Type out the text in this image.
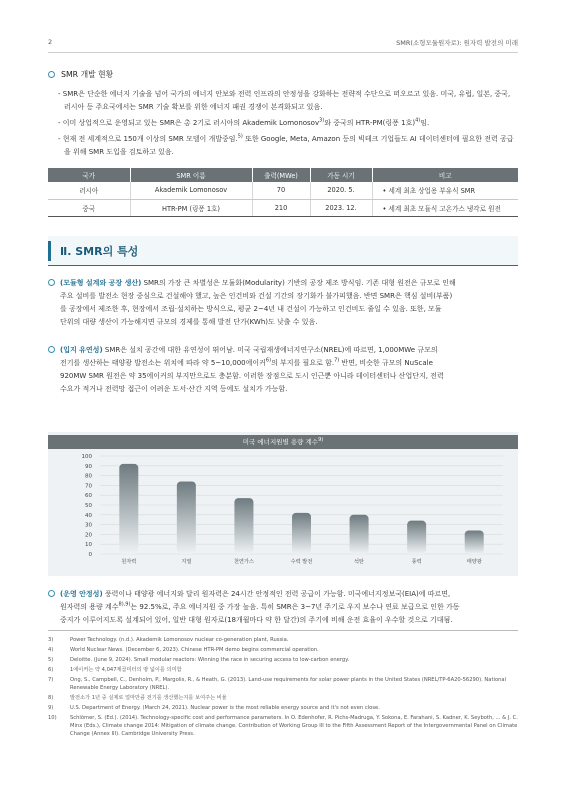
2	SMR(소형모듈원자로): 원자력 발전의 미래
SMR 개발 현황
- SMR은 단순한 에너지 기술을 넘어 국가의 에너지 안보와 전력 인프라의 안정성을 강화하는 전략적 수단으로 떠오르고 있음. 미국, 유럽, 일본, 중국, 러시아 등 주요국에서는 SMR 기술 확보를 위한 에너지 패권 경쟁이 본격화되고 있음.
- 이미 상업적으로 운영되고 있는 SMR은 총 2기로 러시아의 Akademik Lomonosov$^{3)}$와 중국의 HTR-PM(링퐁 1호)$^{4)}$임.
- 현재 전 세계적으로 150개 이상의 SMR 모델이 개발중임.$^{5)}$ 또한 Google, Meta, Amazon 등의 빅테크 기업들도 AI 데이터센터에 필요한 전력 공급을 위해 SMR 도입을 검토하고 있음.
국가	SMR 이름	출력(MWe)	가동 시기	비고
러시아	Akademik Lomonosov	70	2020. 5.	• 세계 최초 상업용 부유식 SMR
중국	HTR-PM (링퐁 1호)	210	2023. 12.	• 세계 최초 모듈식 고온가스 냉각로 원전
Ⅱ. SMR의 특성
(모듈형 설계와 공장 생산) SMR의 가장 큰 차별성은 모듈화(Modularity) 기반의 공장 제조 방식임. 기존 대형 원전은 규모로 인해
주요 설비를 발전소 현장 중심으로 건설해야 했고, 높은 인건비와 건설 기간의 장기화가 불가피했음. 반면 SMR은 핵심 설비(부품)
를 공장에서 제조한 후, 현장에서 조립·설치하는 방식으로, 평균 2~4년 내 건설이 가능하고 인건비도 줄일 수 있음. 또한, 모듈
단위의 대량 생산이 가능해지면 규모의 경제를 통해 발전 단가(KWh)도 낮출 수 있음.
(입지 유연성) SMR은 설치 공간에 대한 유연성이 뛰어남. 미국 국립재생에너지연구소(NREL)에 따르면, 1,000MWe 규모의
전기를 생산하는 태양광 발전소는 위치에 따라 약 5~10,000에이커$^{6)}$의 부지를 필요로 함.$^{7)}$ 반면, 비슷한 규모의 NuScale
920MW SMR 원전은 약 35에이커의 부지만으로도 충분함. 이러한 장점으로 도시 인근뿐 아니라 데이터센터나 산업단지, 전력
수요가 적거나 전력망 접근이 어려운 도서·산간 지역 등에도 설치가 가능함.
미국 에너지원별 용량 계수$^{9)}$
0
10
20
30
40
50
60
70
80
90
100
원자력	지열	천연가스	수력 발전	석탄	풍력	태양광
(운영 안정성) 풍력이나 태양광 에너지와 달리 원자력은 24시간 안정적인 전력 공급이 가능함. 미국에너지정보국(EIA)에 따르면,
원자력의 용량 계수$^{8),9)}$는 92.5%로, 주요 에너지원 중 가장 높음. 특히 SMR은 3~7년 주기로 우지 보수나 연료 보급으로 인한 가동
중지가 이루어지도록 설계되어 있어, 일반 대형 원자로(18개월마다 약 한 달간)의 주기에 비해 운전 효율이 우수할 것으로 기대됨.
3)	Power Technology. (n.d.). Akademik Lomonosov nuclear co-generation plant, Russia.
4)	World Nuclear News. (December 6, 2023). Chinese HTR-PM demo begins commercial operation.
5)	Deloitte. (June 9, 2024). Small modular reactors: Winning the race in securing access to low-carbon energy.
6)	1에이커는 약 4,047제곱미터의 땅 넓이를 의미함
7)	Ong, S., Campbell, C., Denholm, P., Margolis, R., & Heath, G. (2013). Land-use requirements for solar power plants in the United States (NREL/TP-6A20-56290). National Renewable Energy Laboratory (NREL).
8)	발전소가 1년 중 실제로 얼마만큼 전기를 생산했는지를 보여주는 비율
9)	U.S. Department of Energy. (March 24, 2021). Nuclear power is the most reliable energy source and it's not even close.
10)	Schlömer, S. (Ed.). (2014). Technology-specific cost and performance parameters. In O. Edenhofer, R. Pichs-Madruga, Y. Sokona, E. Farahani, S. Kadner, K. Seyboth, ... & J. C. Minx (Eds.), Climate change 2014: Mitigation of climate change. Contribution of Working Group III to the Fifth Assessment Report of the Intergovernmental Panel on Climate Change (Annex III). Cambridge University Press.
